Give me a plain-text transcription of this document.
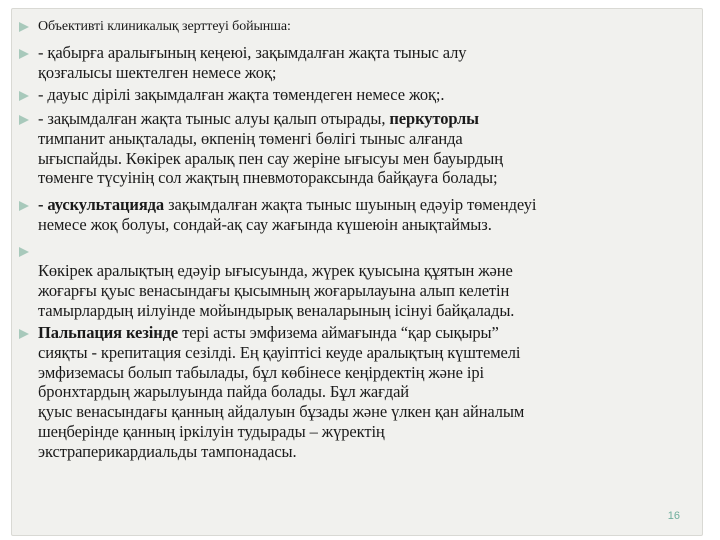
Объективті клиникалық зерттеуі бойынша:
- қабырға аралығының кеңеюі, зақымдалған жақта тыныс алу
қозғалысы шектелген немесе жоқ;
- дауыс дірілі зақымдалған жақта төмендеген немесе жоқ;.
- зақымдалған жақта тыныс алуы қалып отырады, перкуторлы
тимпанит анықталады, өкпенің төменгі бөлігі тыныс алғанда
ығыспайды. Көкірек аралық пен сау жеріне ығысуы мен бауырдың
төменге түсуінің сол жақтың пневмотораксында байқауға болады;
- аускультацияда зақымдалған жақта тыныс шуының едәуір төмендеуі
немесе жоқ болуы, сондай-ақ сау жағында күшеюін анықтаймыз.
Көкірек аралықтың едәуір ығысуында, жүрек қуысына құятын және
жоғарғы қуыс венасындағы қысымның жоғарылауына алып келетін
тамырлардың иілуінде мойындырық веналарының ісінуі байқалады.
Пальпация кезінде тері асты эмфизема аймағында “қар сықыры”
сияқты - крепитация сезілді. Ең қауіптісі кеуде аралықтың күштемелі
эмфиземасы болып табылады, бұл көбінесе кеңірдектің және ірі
бронхтардың жарылуында пайда болады. Бұл жағдай
қуыс венасындағы қанның айдалуын бұзады және үлкен қан айналым
шеңберінде қанның іркілуін тудырады – жүректің
экстраперикардиальды тампонадасы.

16
